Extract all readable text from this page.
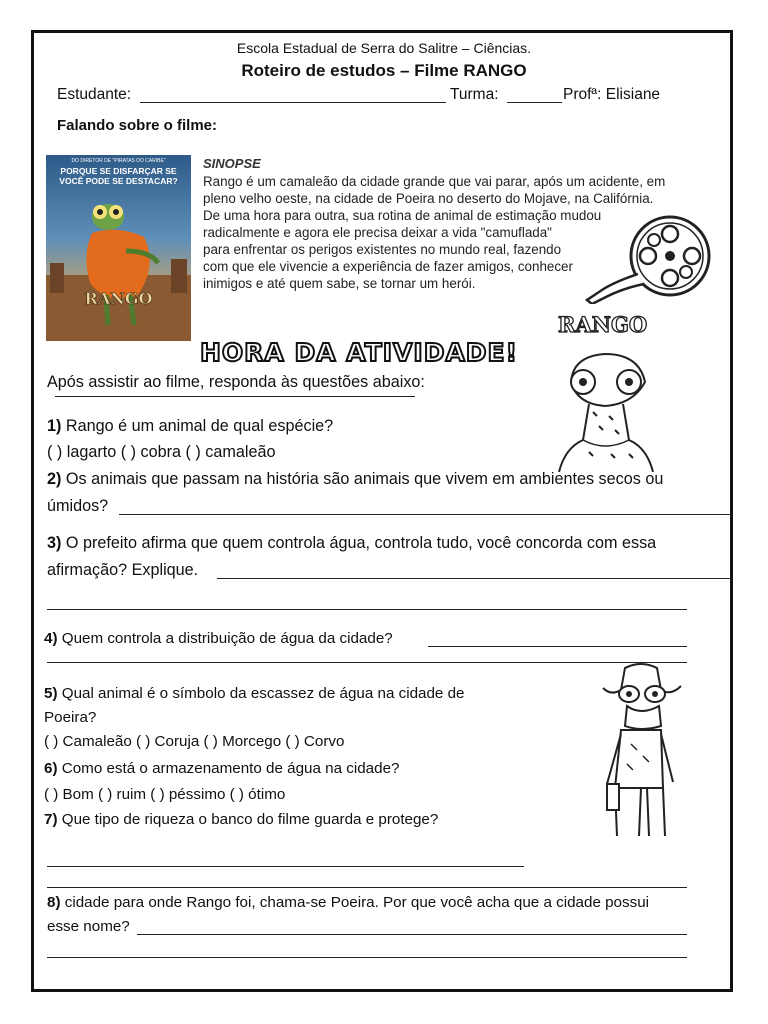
Escola Estadual de Serra do Salitre – Ciências.
Roteiro de estudos – Filme RANGO
Estudante:	Turma:	Profª: Elisiane
Falando sobre o filme:
DO DIRETOR DE "PIRATAS DO CARIBE"
PORQUE SE DISFARÇAR SE VOCÊ PODE SE DESTACAR?
RANGO
SINOPSE
Rango é um camaleão da cidade grande que vai parar, após um acidente, em
pleno velho oeste, na cidade de Poeira no deserto do Mojave, na Califórnia.
De uma hora para outra, sua rotina de animal de estimação mudou
radicalmente e agora ele precisa deixar a vida "camuflada"
para enfrentar os perigos existentes no mundo real, fazendo
com que ele vivencie a experiência de fazer amigos, conhecer
inimigos e até quem sabe, se tornar um herói.
HORA DA ATIVIDADE!
RANGO
Após assistir ao filme, responda às questões abaixo:
1) Rango é um animal de qual espécie?
( ) lagarto ( ) cobra ( ) camaleão
2) Os animais que passam na história são animais que vivem em ambientes secos ou
úmidos?
3) O prefeito afirma que quem controla água, controla tudo, você concorda com essa
afirmação? Explique.
4) Quem controla a distribuição de água da cidade?
5) Qual animal é o símbolo da escassez de água na cidade de
Poeira?
( ) Camaleão ( ) Coruja ( ) Morcego ( ) Corvo
6) Como está o armazenamento de água na cidade?
( ) Bom ( ) ruim ( ) péssimo ( ) ótimo
7) Que tipo de riqueza o banco do filme guarda e protege?
8) cidade para onde Rango foi, chama-se Poeira. Por que você acha que a cidade possui
esse nome?
